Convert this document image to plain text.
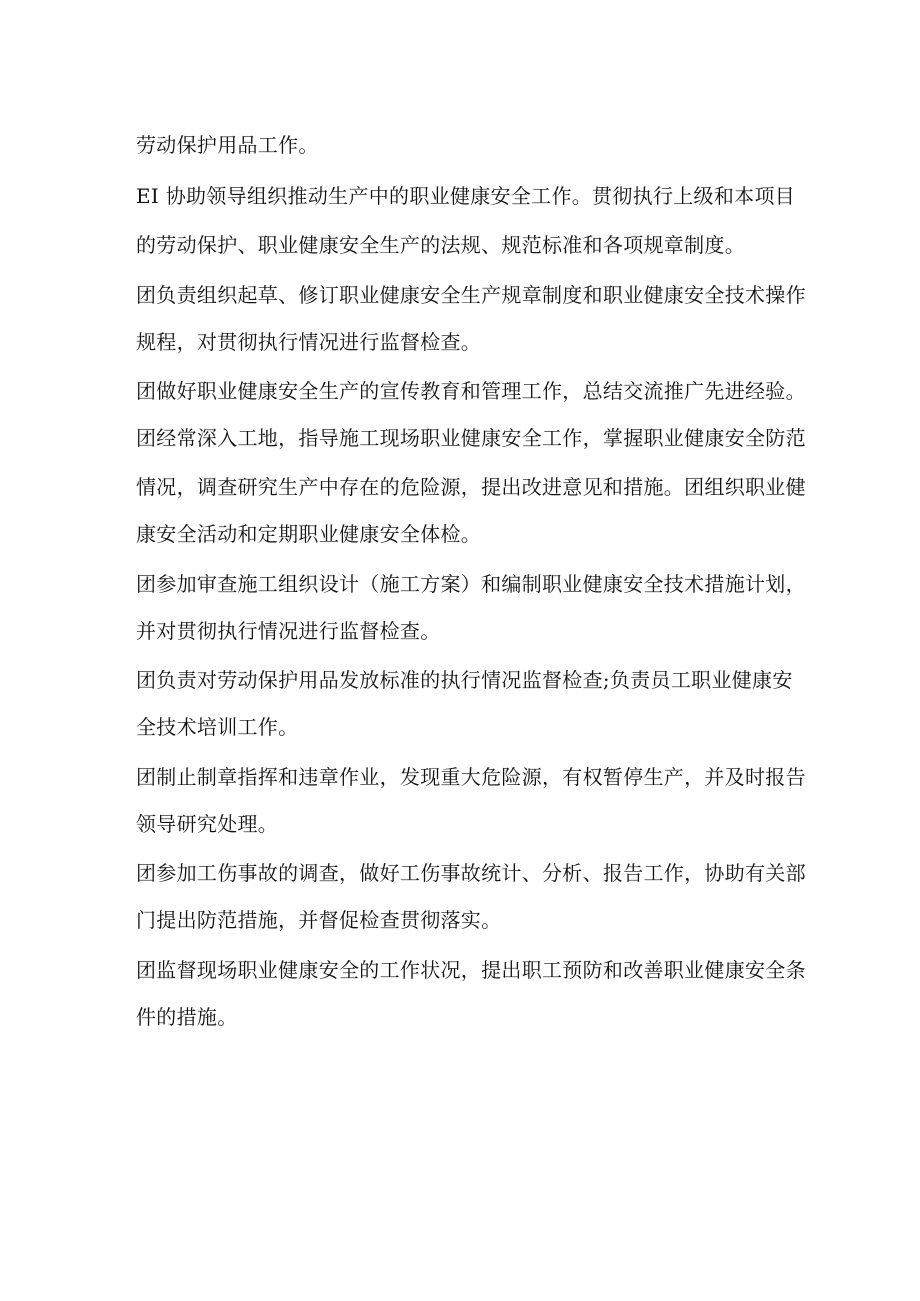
劳动保护用品工作。
EI 协助领导组织推动生产中的职业健康安全工作。贯彻执行上级和本项目
的劳动保护、职业健康安全生产的法规、规范标准和各项规章制度。
团负责组织起草、修订职业健康安全生产规章制度和职业健康安全技术操作
规程，对贯彻执行情况进行监督检查。
团做好职业健康安全生产的宣传教育和管理工作，总结交流推广先进经验。
团经常深入工地，指导施工现场职业健康安全工作，掌握职业健康安全防范
情况，调查研究生产中存在的危险源，提出改进意见和措施。团组织职业健
康安全活动和定期职业健康安全体检。
团参加审查施工组织设计（施工方案）和编制职业健康安全技术措施计划，
并对贯彻执行情况进行监督检查。
团负责对劳动保护用品发放标准的执行情况监督检查;负责员工职业健康安
全技术培训工作。
团制止制章指挥和违章作业，发现重大危险源，有权暂停生产，并及时报告
领导研究处理。
团参加工伤事故的调查，做好工伤事故统计、分析、报告工作，协助有关部
门提出防范措施，并督促检查贯彻落实。
团监督现场职业健康安全的工作状况，提出职工预防和改善职业健康安全条
件的措施。
